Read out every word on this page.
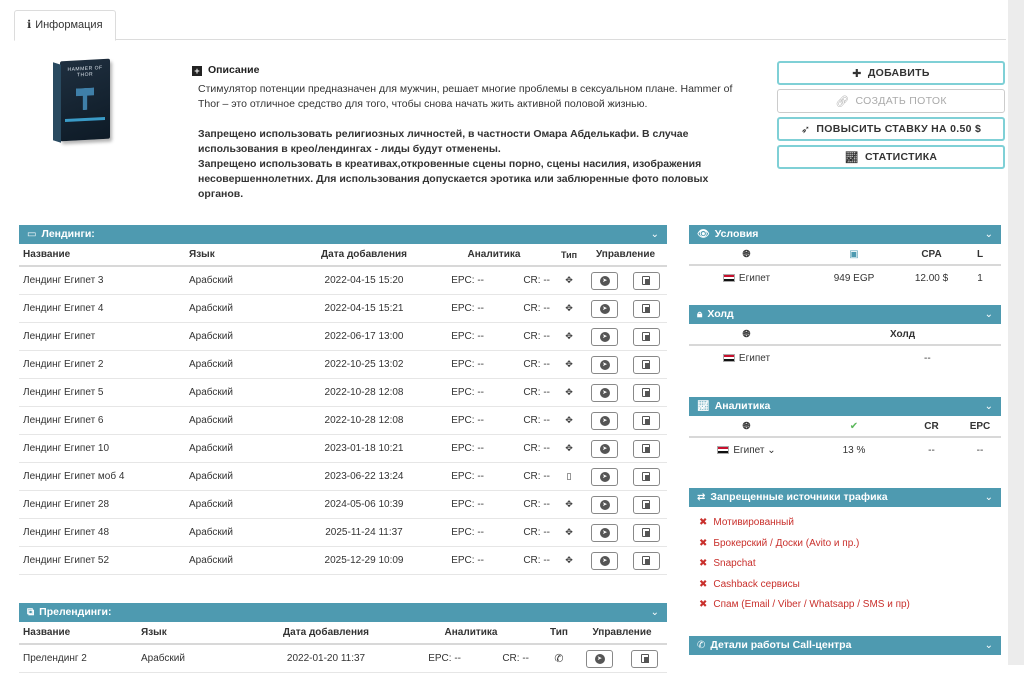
ℹ Информация
HAMMER OF THOR	+ Описание
Стимулятор потенции предназначен для мужчин, решает многие проблемы в сексуальном плане. Hammer of Thor – это отличное средство для того, чтобы снова начать жить активной половой жизнью.
Запрещено использовать религиозных личностей, в частности Омара Абделькафи. В случае использования в крео/лендингах - лиды будут отменены.
Запрещено использовать в креативах,откровенные сцены порно, сцены насилия, изображения несовершеннолетних. Для использования допускается эротика или заблюренные фото половых органов.
✚ ДОБАВИТЬ
🔗︎ СОЗДАТЬ ПОТОК
➶ ПОВЫСИТЬ СТАВКУ НА 0.50 $
📈︎ СТАТИСТИКА
▭ Лендинги:	⌄
Название	Язык	Дата добавления	Аналитика	Тип	Управление
Лендинг Египет 3	Арабский	2022-04-15 15:20	EPC: --	CR: --	✥	➤
Лендинг Египет 4	Арабский	2022-04-15 15:21	EPC: --	CR: --	✥	➤
Лендинг Египет	Арабский	2022-06-17 13:00	EPC: --	CR: --	✥	➤
Лендинг Египет 2	Арабский	2022-10-25 13:02	EPC: --	CR: --	✥	➤
Лендинг Египет 5	Арабский	2022-10-28 12:08	EPC: --	CR: --	✥	➤
Лендинг Египет 6	Арабский	2022-10-28 12:08	EPC: --	CR: --	✥	➤
Лендинг Египет 10	Арабский	2023-01-18 10:21	EPC: --	CR: --	✥	➤
Лендинг Египет моб 4	Арабский	2023-06-22 13:24	EPC: --	CR: --	▯	➤
Лендинг Египет 28	Арабский	2024-05-06 10:39	EPC: --	CR: --	✥	➤
Лендинг Египет 48	Арабский	2025-11-24 11:37	EPC: --	CR: --	✥	➤
Лендинг Египет 52	Арабский	2025-12-29 10:09	EPC: --	CR: --	✥	➤
⧉ Прелендинги:	⌄
Название	Язык	Дата добавления	Аналитика	Тип	Управление
Прелендинг 2	Арабский	2022-01-20 11:37	EPC: --	CR: --	✆	➤
👁︎ Условия	⌄
🌐︎	▣	CPA	L
Египет	949 EGP	12.00 $	1
🔒︎ Холд	⌄
🌐︎	Холд
Египет	--
📈︎ Аналитика	⌄
🌐︎	✔	CR	EPC
Египет ⌄	13 %	--	--
⇄ Запрещенные источники трафика	⌄
✖ Мотивированный
✖ Брокерский / Доски (Avito и пр.)
✖ Snapchat
✖ Cashback сервисы
✖ Спам (Email / Viber / Whatsapp / SMS и пр)
✆ Детали работы Call-центра	⌄
